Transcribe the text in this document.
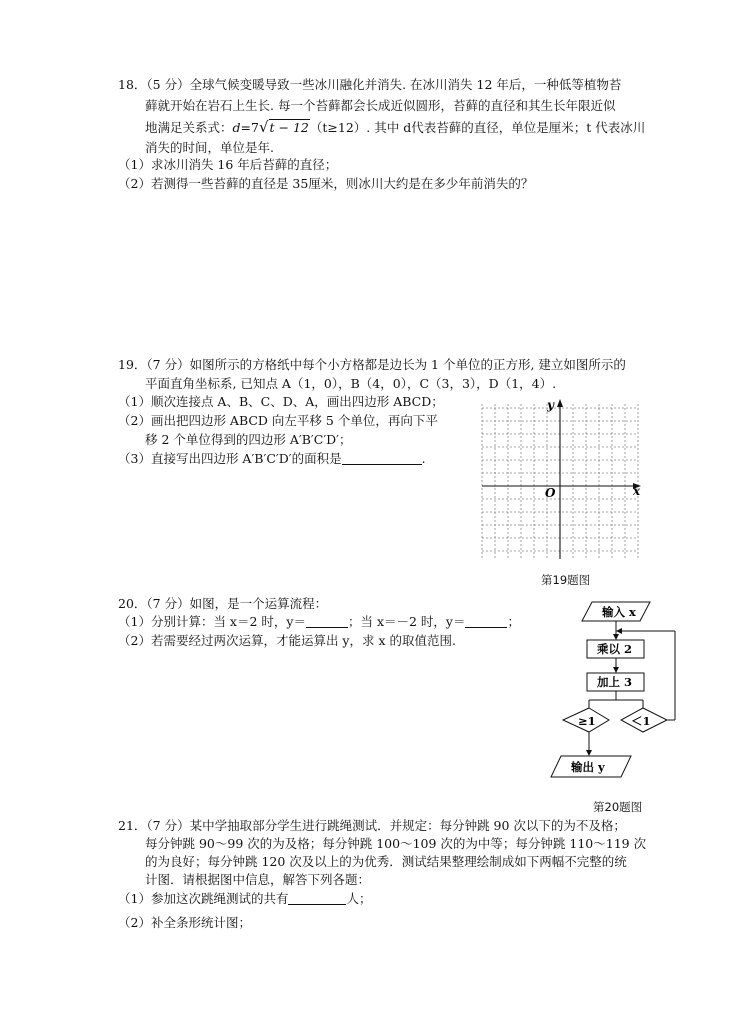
18．（5 分）全球气候变暖导致一些冰川融化并消失. 在冰川消失 12 年后，一种低等植物苔
藓就开始在岩石上生长. 每一个苔藓都会长成近似圆形，苔藓的直径和其生长年限近似
地满足关系式：d=7√t − 12（t≥12）. 其中 d代表苔藓的直径，单位是厘米；t 代表冰川
消失的时间，单位是年.
（1）求冰川消失 16 年后苔藓的直径；
（2）若测得一些苔藓的直径是 35厘米，则冰川大约是在多少年前消失的？
19．（7 分）如图所示的方格纸中每个小方格都是边长为 1 个单位的正方形, 建立如图所示的
平面直角坐标系, 已知点 A（1，0），B（4，0），C（3，3），D（1，4）.
（1）顺次连接点 A、B、C、D、A，画出四边形 ABCD；
（2）画出把四边形 ABCD 向左平移 5 个单位，再向下平
移 2 个单位得到的四边形 A′B′C′D′；
（3）直接写出四边形 A′B′C′D′的面积是	.
y
x
O
第19题图
20．（7 分）如图，是一个运算流程：
（1）分别计算：当 x＝2 时，y＝	；当 x＝－2 时，y＝	；
（2）若需要经过两次运算，才能运算出 y，求 x 的取值范围.
输入 x
乘以 2
加上 3
≥1	＜1
输出 y
第20题图
21．（7 分）某中学抽取部分学生进行跳绳测试．并规定：每分钟跳 90 次以下的为不及格；
每分钟跳 90～99 次的为及格；每分钟跳 100～109 次的为中等；每分钟跳 110～119 次
的为良好；每分钟跳 120 次及以上的为优秀．测试结果整理绘制成如下两幅不完整的统
计图．请根据图中信息，解答下列各题：
（1）参加这次跳绳测试的共有	人；
（2）补全条形统计图；
